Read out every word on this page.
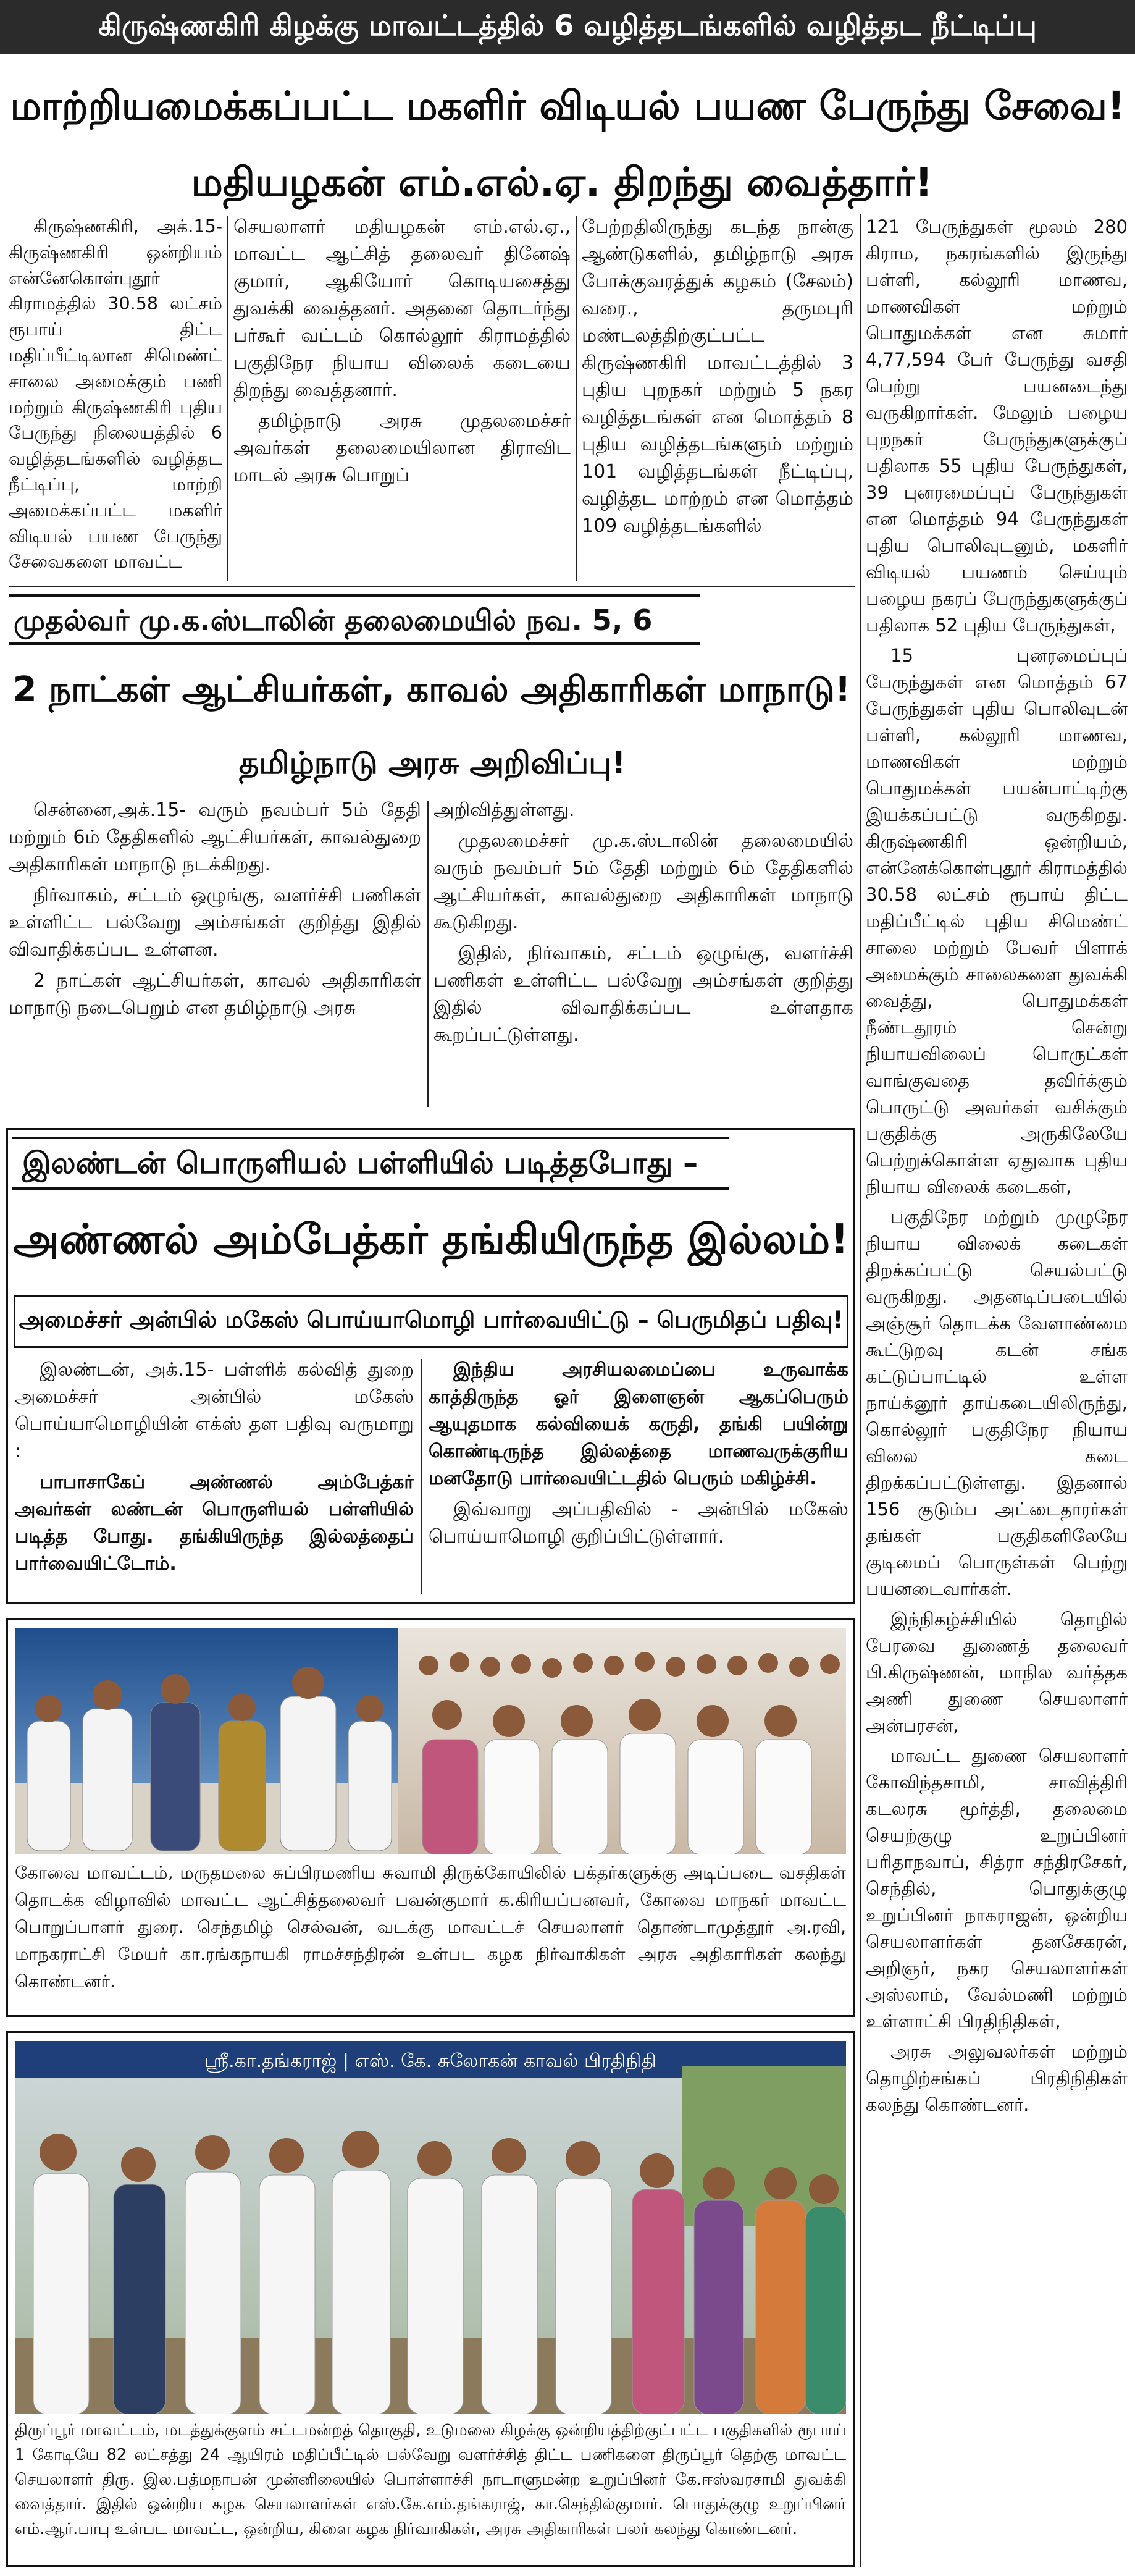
கிருஷ்ணகிரி கிழக்கு மாவட்டத்தில் 6 வழித்தடங்களில் வழித்தட நீட்டிப்பு
மாற்றியமைக்கப்பட்ட மகளிர் விடியல் பயண பேருந்து சேவை!
மதியழகன் எம்.எல்.ஏ. திறந்து வைத்தார்!

கிருஷ்ணகிரி, அக்.15- கிருஷ்ணகிரி ஒன்றியம் என்னேகொள்புதூர் கிராமத்தில் 30.58 லட்சம் ரூபாய் திட்ட மதிப்பீட்டிலான சிமெண்ட் சாலை அமைக்கும் பணி மற்றும் கிருஷ்ணகிரி புதிய பேருந்து நிலையத்தில் 6 வழித்தடங்களில் வழித்தட நீட்டிப்பு, மாற்றி அமைக்கப்பட்ட மகளிர் விடியல் பயண பேருந்து சேவைகளை மாவட்ட

செயலாளர் மதியழகன் எம்.எல்.ஏ., மாவட்ட ஆட்சித் தலைவர் தினேஷ் குமார், ஆகியோர் கொடியசைத்து துவக்கி வைத்தனர். அதனை தொடர்ந்து பர்கூர் வட்டம் கொல்லூர் கிராமத்தில் பகுதிநேர நியாய விலைக் கடையை திறந்து வைத்தனார்.

தமிழ்நாடு அரசு முதலமைச்சர் அவர்கள் தலைமையிலான திராவிட மாடல் அரசு பொறுப்

பேற்றதிலிருந்து கடந்த நான்கு ஆண்டுகளில், தமிழ்நாடு அரசு போக்குவரத்துக் கழகம் (சேலம்) வரை., தருமபுரி மண்டலத்திற்குட்பட்ட கிருஷ்ணகிரி மாவட்டத்தில் 3 புதிய புறநகர் மற்றும் 5 நகர வழித்தடங்கள் என மொத்தம் 8 புதிய வழித்தடங்களும் மற்றும் 101 வழித்தடங்கள் நீட்டிப்பு, வழித்தட மாற்றம் என மொத்தம் 109 வழித்தடங்களில்

முதல்வர் மு.க.ஸ்டாலின் தலைமையில் நவ. 5, 6
2 நாட்கள் ஆட்சியர்கள், காவல் அதிகாரிகள் மாநாடு!
தமிழ்நாடு அரசு அறிவிப்பு!

சென்னை,அக்.15- வரும் நவம்பர் 5ம் தேதி மற்றும் 6ம் தேதிகளில் ஆட்சியர்கள், காவல்துறை அதிகாரிகள் மாநாடு நடக்கிறது.

நிர்வாகம், சட்டம் ஒழுங்கு, வளர்ச்சி பணிகள் உள்ளிட்ட பல்வேறு அம்சங்கள் குறித்து இதில் விவாதிக்கப்பட உள்ளன.

2 நாட்கள் ஆட்சியர்கள், காவல் அதிகாரிகள் மாநாடு நடைபெறும் என தமிழ்நாடு அரசு

அறிவித்துள்ளது.

முதலமைச்சர் மு.க.ஸ்டாலின் தலைமையில் வரும் நவம்பர் 5ம் தேதி மற்றும் 6ம் தேதிகளில் ஆட்சியர்கள், காவல்துறை அதிகாரிகள் மாநாடு கூடுகிறது.

இதில், நிர்வாகம், சட்டம் ஒழுங்கு, வளர்ச்சி பணிகள் உள்ளிட்ட பல்வேறு அம்சங்கள் குறித்து இதில் விவாதிக்கப்பட உள்ளதாக கூறப்பட்டுள்ளது.

இலண்டன் பொருளியல் பள்ளியில் படித்தபோது –
அண்ணல் அம்பேத்கர் தங்கியிருந்த இல்லம்!
அமைச்சர் அன்பில் மகேஸ் பொய்யாமொழி பார்வையிட்டு – பெருமிதப் பதிவு!

இலண்டன், அக்.15- பள்ளிக் கல்வித் துறை அமைச்சர் அன்பில் மகேஸ் பொய்யாமொழியின் எக்ஸ் தள பதிவு வருமாறு :

பாபாசாகேப் அண்ணல் அம்பேத்கர் அவர்கள் லண்டன் பொருளியல் பள்ளியில் படித்த போது. தங்கியிருந்த இல்லத்தைப் பார்வையிட்டோம்.

இந்திய அரசியலமைப்பை உருவாக்க காத்திருந்த ஓர் இளைஞன் ஆகப்பெரும் ஆயுதமாக கல்வியைக் கருதி, தங்கி பயின்று கொண்டிருந்த இல்லத்தை மாணவருக்குரிய மனதோடு பார்வையிட்டதில் பெரும் மகிழ்ச்சி.

இவ்வாறு அப்பதிவில் - அன்பில் மகேஸ் பொய்யாமொழி குறிப்பிட்டுள்ளார்.

கோவை மாவட்டம், மருதமலை சுப்பிரமணிய சுவாமி திருக்கோயிலில் பக்தர்களுக்கு அடிப்படை வசதிகள் தொடக்க விழாவில் மாவட்ட ஆட்சித்தலைவர் பவன்குமார் க.கிரியப்பனவர், கோவை மாநகர் மாவட்ட பொறுப்பாளர் துரை. செந்தமிழ் செல்வன், வடக்கு மாவட்டச் செயலாளர் தொண்டாமுத்தூர் அ.ரவி, மாநகராட்சி மேயர் கா.ரங்கநாயகி ராமச்சந்திரன் உள்பட கழக நிர்வாகிகள் அரசு அதிகாரிகள் கலந்து கொண்டனர்.
ஸ்ரீ.கா.தங்கராஜ் | எஸ். கே. சுலோகன் காவல் பிரதிநிதி
திருப்பூர் மாவட்டம், மடத்துக்குளம் சட்டமன்றத் தொகுதி, உடுமலை கிழக்கு ஒன்றியத்திற்குட்பட்ட பகுதிகளில் ரூபாய் 1 கோடியே 82 லட்சத்து 24 ஆயிரம் மதிப்பீட்டில் பல்வேறு வளர்ச்சித் திட்ட பணிகளை திருப்பூர் தெற்கு மாவட்ட செயலாளர் திரு. இல.பத்மநாபன் முன்னிலையில் பொள்ளாச்சி நாடாளுமன்ற உறுப்பினர் கே.ஈஸ்வரசாமி துவக்கி வைத்தார். இதில் ஒன்றிய கழக செயலாளர்கள் எஸ்.கே.எம்.தங்கராஜ், கா.செந்தில்குமார். பொதுக்குழு உறுப்பினர் எம்.ஆர்.பாபு உள்பட மாவட்ட, ஒன்றிய, கிளை கழக நிர்வாகிகள், அரசு அதிகாரிகள் பலர் கலந்து கொண்டனர்.

121 பேருந்துகள் மூலம் 280 கிராம, நகரங்களில் இருந்து பள்ளி, கல்லூரி மாணவ, மாணவிகள் மற்றும் பொதுமக்கள் என சுமார் 4,77,594 பேர் பேருந்து வசதி பெற்று பயனடைந்து வருகிறார்கள். மேலும் பழைய புறநகர் பேருந்துகளுக்குப் பதிலாக 55 புதிய பேருந்துகள், 39 புனரமைப்புப் பேருந்துகள் என மொத்தம் 94 பேருந்துகள் புதிய பொலிவுடனும், மகளிர் விடியல் பயணம் செய்யும் பழைய நகரப் பேருந்துகளுக்குப் பதிலாக 52 புதிய பேருந்துகள்,

15 புனரமைப்புப் பேருந்துகள் என மொத்தம் 67 பேருந்துகள் புதிய பொலிவுடன் பள்ளி, கல்லூரி மாணவ, மாணவிகள் மற்றும் பொதுமக்கள் பயன்பாட்டிற்கு இயக்கப்பட்டு வருகிறது. கிருஷ்ணகிரி ஒன்றியம், என்னேக்கொள்புதூர் கிராமத்தில் 30.58 லட்சம் ரூபாய் திட்ட மதிப்பீட்டில் புதிய சிமெண்ட் சாலை மற்றும் பேவர் பிளாக் அமைக்கும் சாலைகளை துவக்கி வைத்து, பொதுமக்கள் நீண்டதூரம் சென்று நியாயவிலைப் பொருட்கள் வாங்குவதை தவிர்க்கும் பொருட்டு அவர்கள் வசிக்கும் பகுதிக்கு அருகிலேயே பெற்றுக்கொள்ள ஏதுவாக புதிய நியாய விலைக் கடைகள்,

பகுதிநேர மற்றும் முழுநேர நியாய விலைக் கடைகள் திறக்கப்பட்டு செயல்பட்டு வருகிறது. அதனடிப்படையில் அஞ்சூர் தொடக்க வேளாண்மை கூட்டுறவு கடன் சங்க கட்டுப்பாட்டில் உள்ள நாய்க்னூர் தாய்கடையிலிருந்து, கொல்லூர் பகுதிநேர நியாய விலை கடை திறக்கப்பட்டுள்ளது. இதனால் 156 குடும்ப அட்டைதாரர்கள் தங்கள் பகுதிகளிலேயே குடிமைப் பொருள்கள் பெற்று பயனடைவார்கள்.

இந்நிகழ்ச்சியில் தொழில் பேரவை துணைத் தலைவர் பி.கிருஷ்ணன், மாநில வர்த்தக அணி துணை செயலாளர் அன்பரசன்,

மாவட்ட துணை செயலாளர் கோவிந்தசாமி, சாவித்திரி கடலரசு மூர்த்தி, தலைமை செயற்குழு உறுப்பினர் பரிதாநவாப், சித்ரா சந்திரசேகர், செந்தில், பொதுக்குழு உறுப்பினர் நாகராஜன், ஒன்றிய செயலாளர்கள் தனசேகரன், அறிஞர், நகர செயலாளர்கள் அஸ்லாம், வேல்மணி மற்றும் உள்ளாட்சி பிரதிநிதிகள்,

அரசு அலுவலர்கள் மற்றும் தொழிற்சங்கப் பிரதிநிதிகள் கலந்து கொண்டனர்.
